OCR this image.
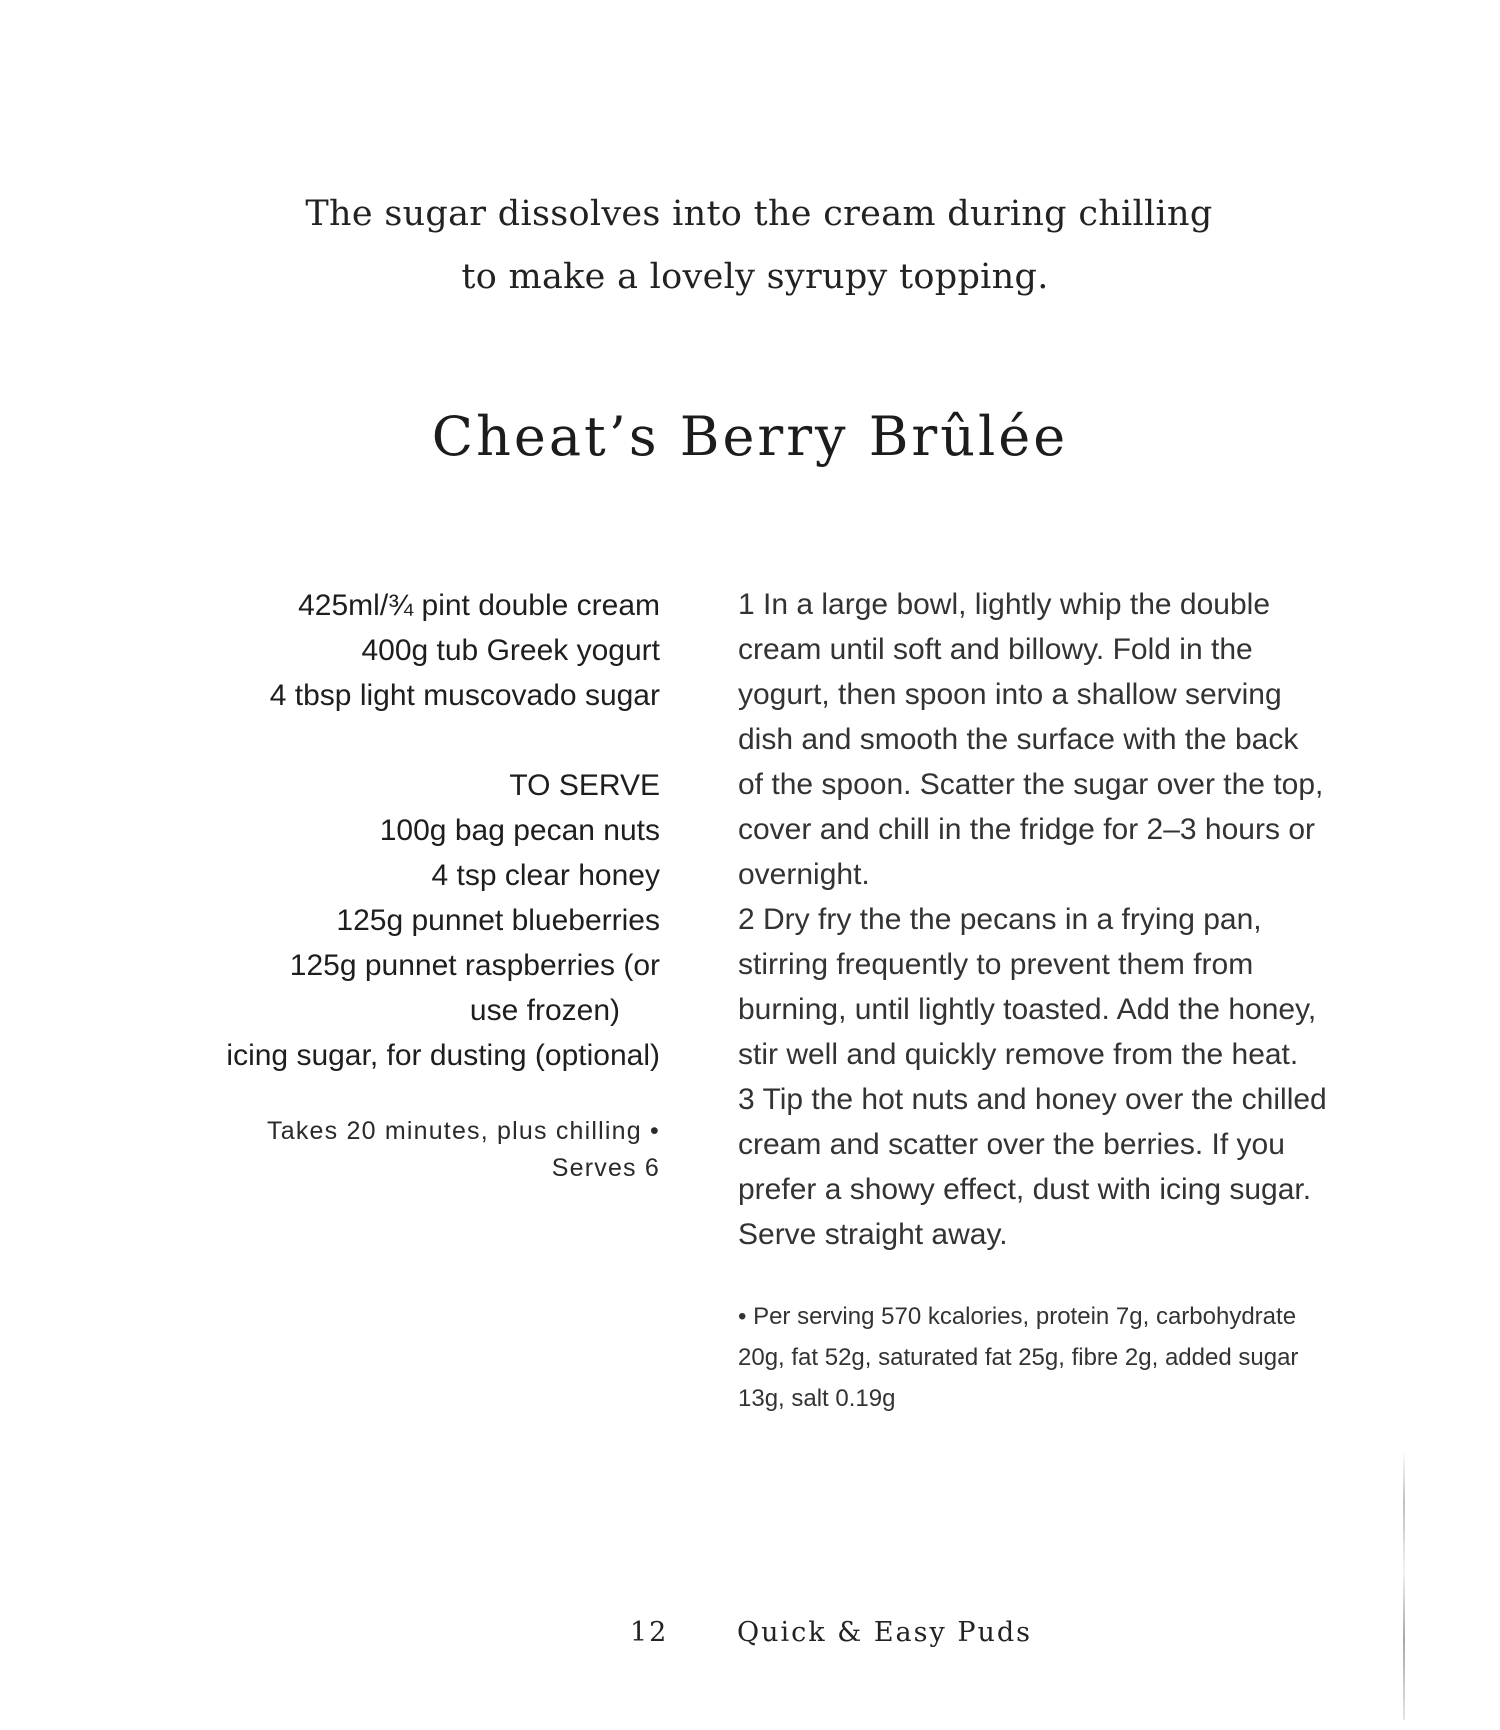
The sugar dissolves into the cream during chilling
to make a lovely syrupy topping.
Cheat’s Berry Brûlée
425ml/¾ pint double cream
400g tub Greek yogurt
4 tbsp light muscovado sugar
TO SERVE
100g bag pecan nuts
4 tsp clear honey
125g punnet blueberries
125g punnet raspberries (or
use frozen)
icing sugar, for dusting (optional)
Takes 20 minutes, plus chilling •
Serves 6
1 In a large bowl, lightly whip the double
cream until soft and billowy. Fold in the
yogurt, then spoon into a shallow serving
dish and smooth the surface with the back
of the spoon. Scatter the sugar over the top,
cover and chill in the fridge for 2–3 hours or
overnight.
2 Dry fry the the pecans in a frying pan,
stirring frequently to prevent them from
burning, until lightly toasted. Add the honey,
stir well and quickly remove from the heat.
3 Tip the hot nuts and honey over the chilled
cream and scatter over the berries. If you
prefer a showy effect, dust with icing sugar.
Serve straight away.
• Per serving 570 kcalories, protein 7g, carbohydrate
20g, fat 52g, saturated fat 25g, fibre 2g, added sugar
13g, salt 0.19g
12	Quick & Easy Puds
